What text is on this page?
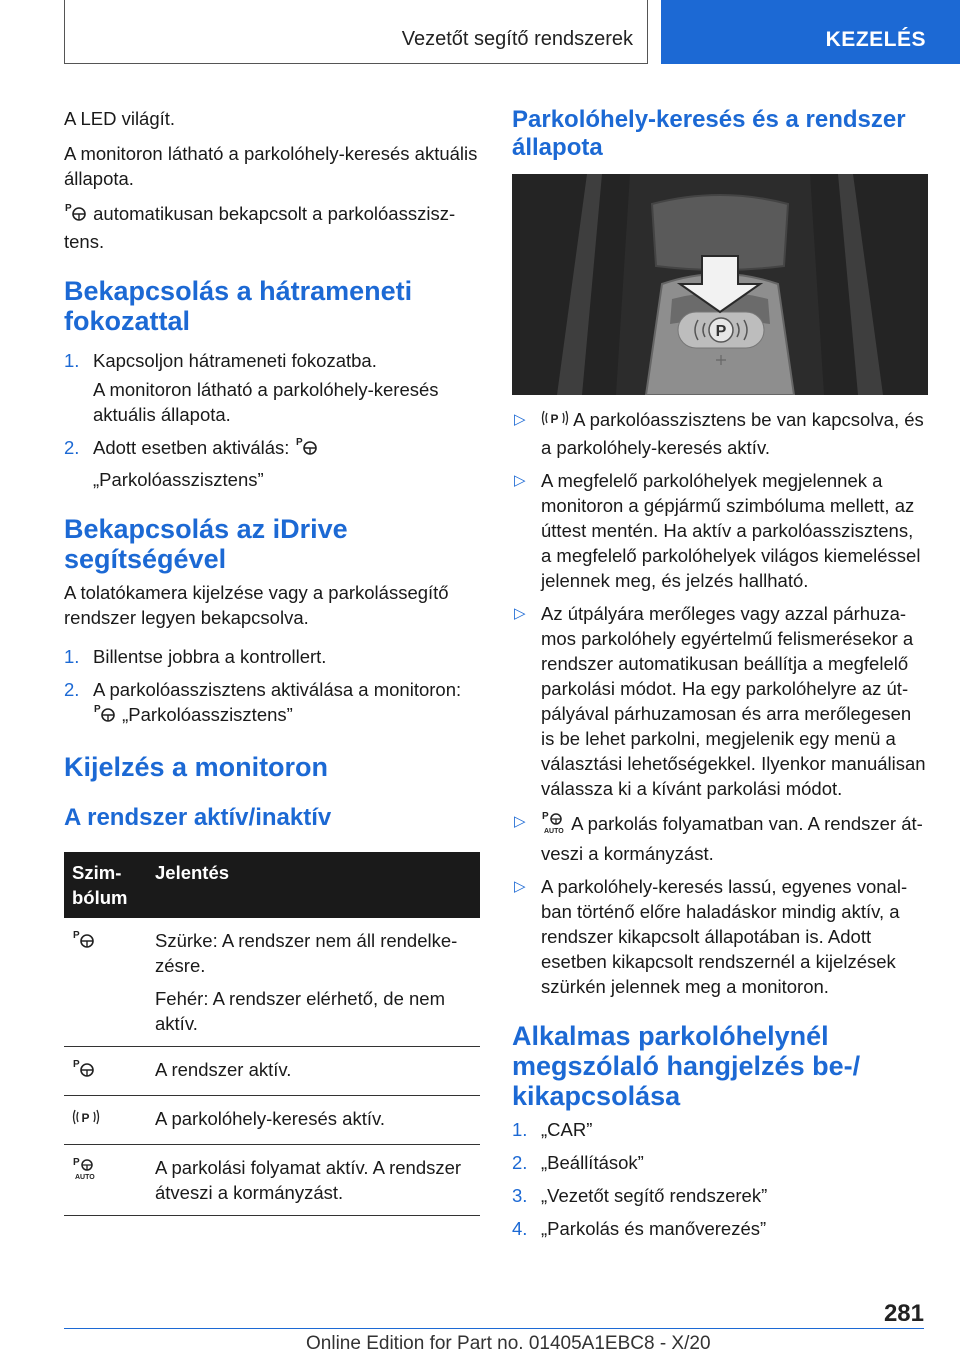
Vezetőt segítő rendszerek	KEZELÉS

A LED világít.

A monitoron látható a parkolóhely-keresés aktuális állapota.

P automatikusan bekapcsolt a parkolóasszisztens.

Bekapcsolás a hátrameneti fokozattal
1. Kapcsoljon hátrameneti fokozatba.

A monitoron látható a parkolóhely-keresés aktuális állapota.

2. Adott esetben aktiválás: P

„Parkolóasszisztens”

Bekapcsolás az iDrive segítségével

A tolatókamera kijelzése vagy a parkolássegítő rendszer legyen bekapcsolva.

1. Billentse jobbra a kontrollert.
2. A parkolóasszisztens aktiválása a monitoron:

P „Parkolóasszisztens”

Kijelzés a monitoron
A rendszer aktív/inaktív
Szimbólum	Jelentés

P	Szürke: A rendszer nem áll rendelkezésre.

Fehér: A rendszer elérhető, de nem aktív.

P	A rendszer aktív.

P	A parkolóhely-keresés aktív.

P
AUTO	A parkolási folyamat aktív. A rendszer átveszi a kormányzást.

Parkolóhely-keresés és a rendszer állapota
P
▷ P A parkolóasszisztens be van kapcsolva, és a parkolóhely-keresés aktív.
▷ A megfelelő parkolóhelyek megjelennek a monitoron a gépjármű szimbóluma mellett, az úttest mentén. Ha aktív a parkolóasszisztens, a megfelelő parkolóhelyek világos kiemeléssel jelennek meg, és jelzés hallható.
▷ Az útpályára merőleges vagy azzal párhuzamos parkolóhely egyértelmű felismerésekor a rendszer automatikusan beállítja a megfelelő parkolási módot. Ha egy parkolóhelyre az útpályával párhuzamosan és arra merőlegesen is be lehet parkolni, megjelenik egy menü a választási lehetőségekkel. Ilyenkor manuálisan válassza ki a kívánt parkolási módot.
▷ P
AUTO A parkolás folyamatban van. A rendszer átveszi a kormányzást.
▷ A parkolóhely-keresés lassú, egyenes vonalban történő előre haladáskor mindig aktív, a rendszer kikapcsolt állapotában is. Adott esetben kikapcsolt rendszernél a kijelzések szürkén jelennek meg a monitoron.
Alkalmas parkolóhelynél megszólaló hangjelzés be-/ kikapcsolása
1. „CAR”
2. „Beállítások”
3. „Vezetőt segítő rendszerek”
4. „Parkolás és manőverezés”
281
Online Edition for Part no. 01405A1EBC8 - X/20
